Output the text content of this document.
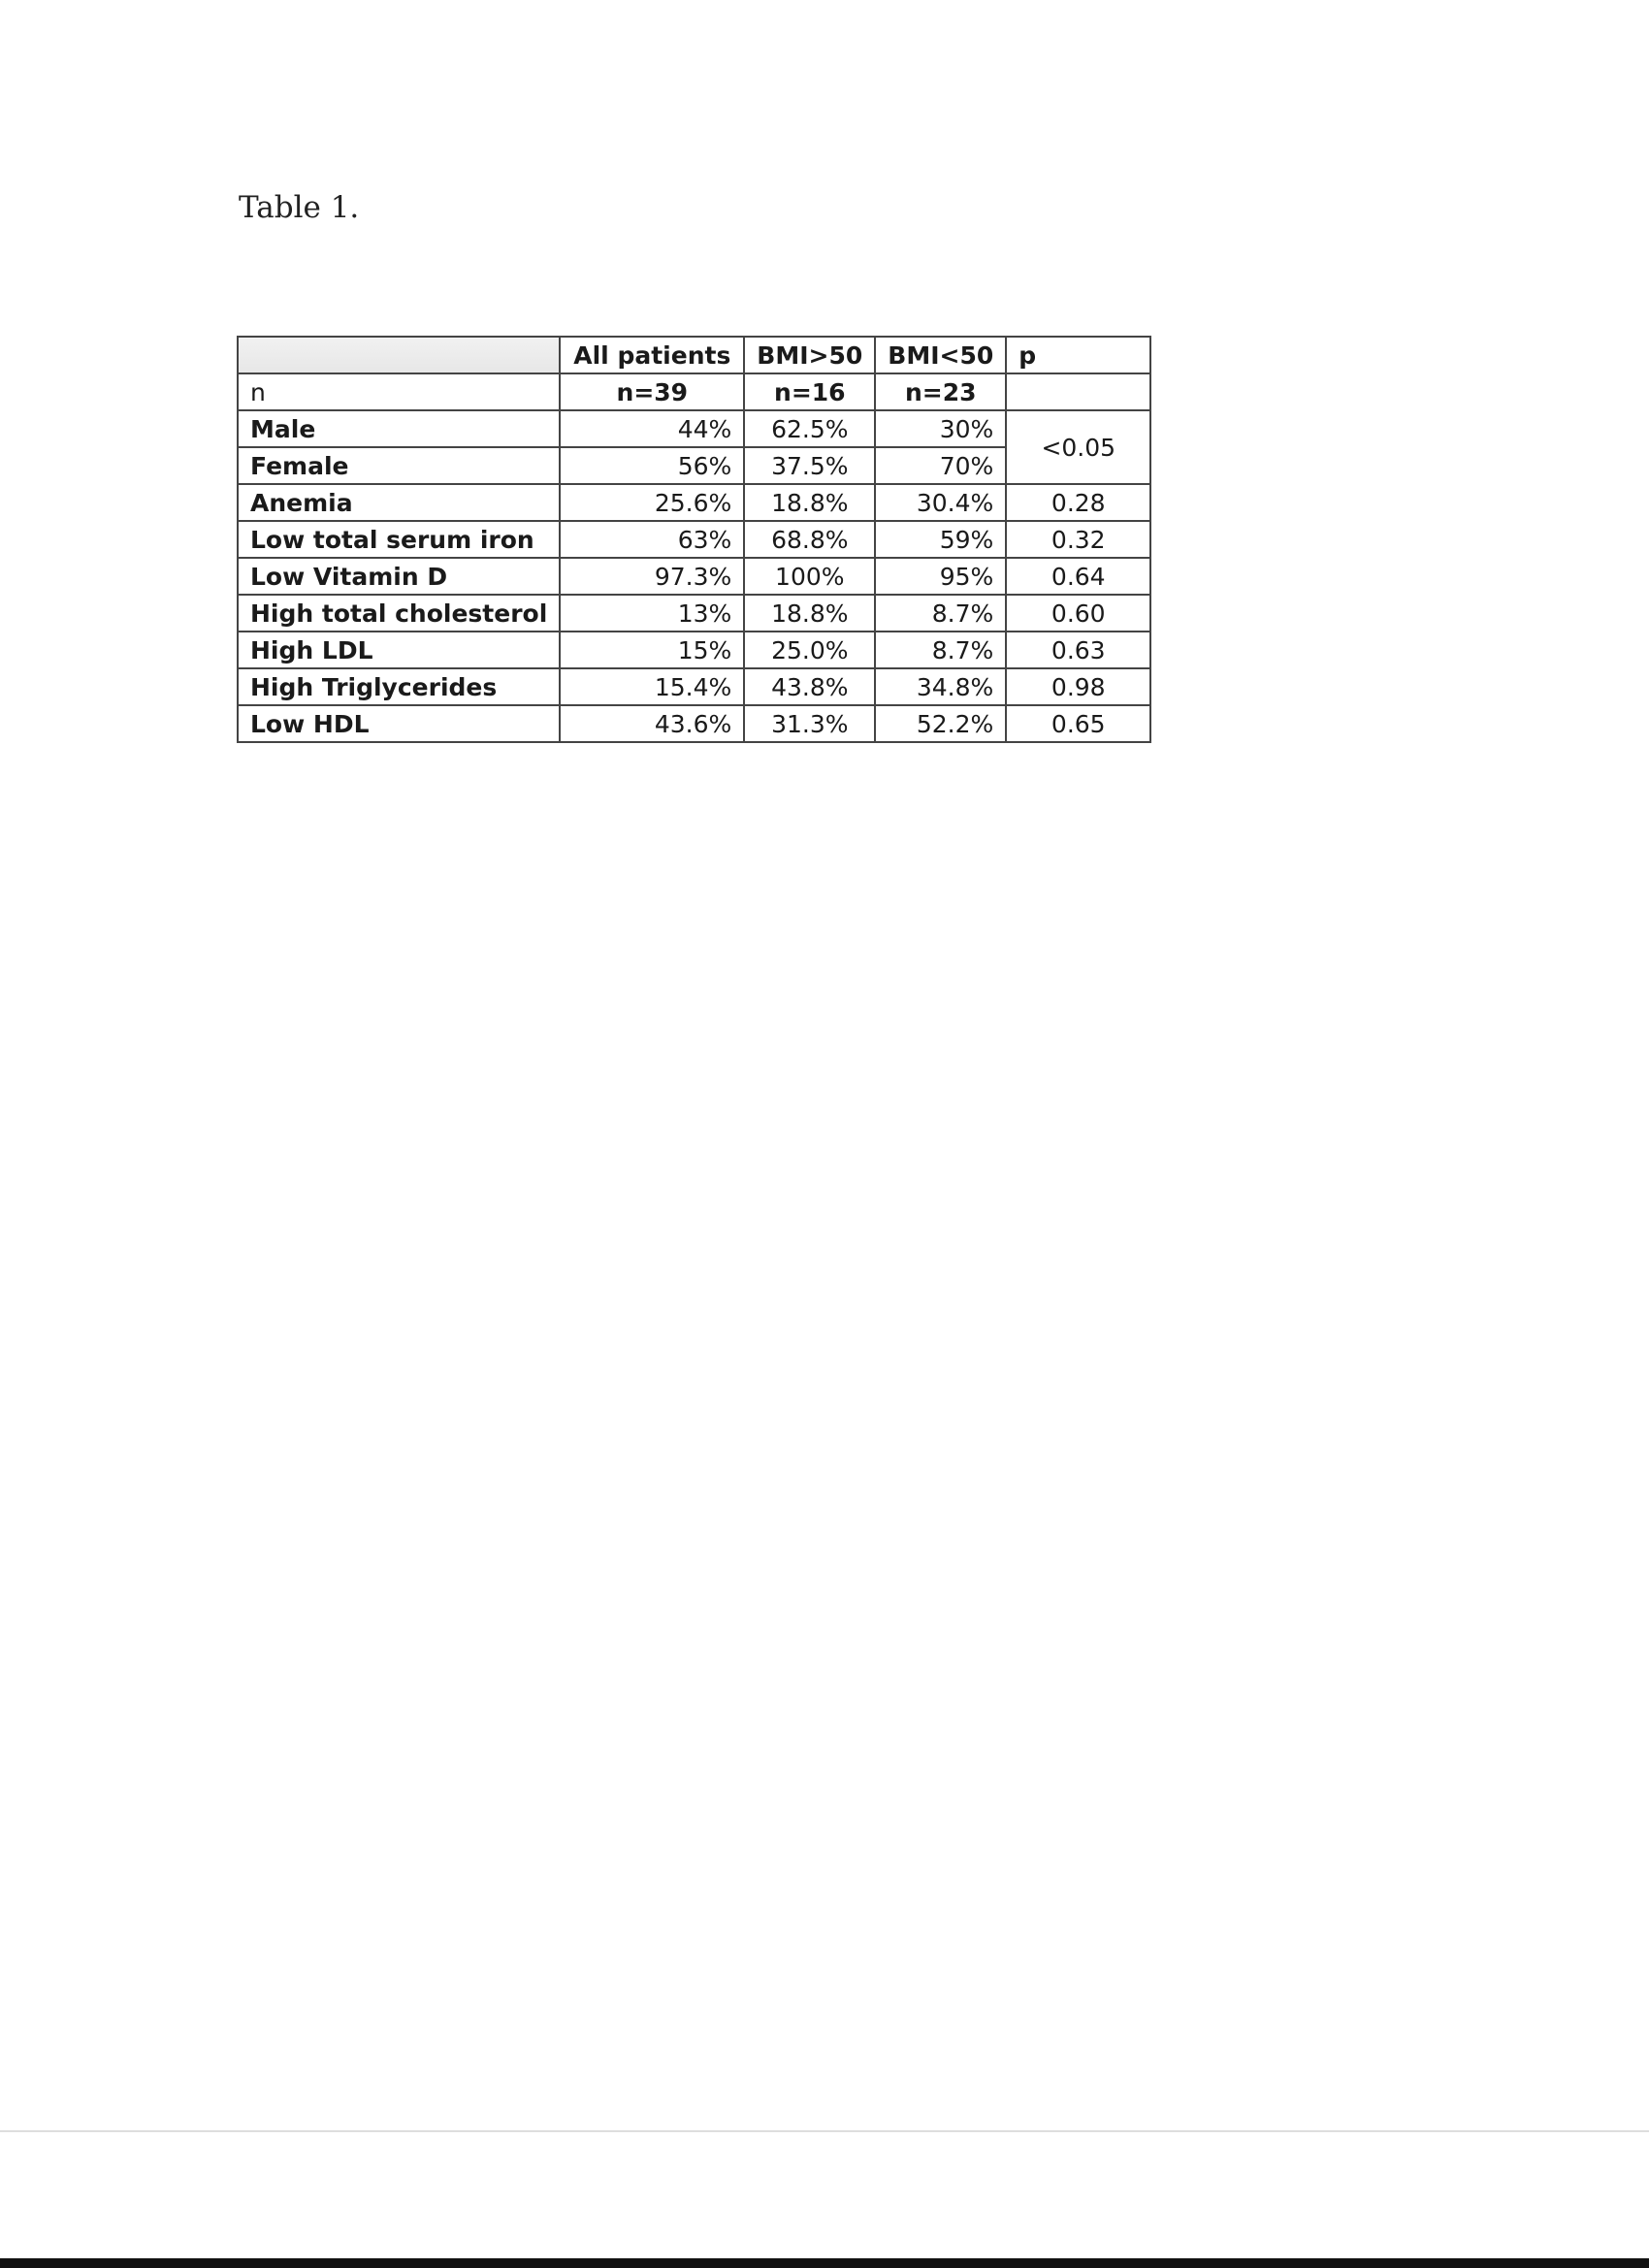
Table 1.
	All patients	BMI>50	BMI<50	p
n	n=39	n=16	n=23	
Male	44%	62.5%	30%	<0.05
Female	56%	37.5%	70%	
Anemia	25.6%	18.8%	30.4%	0.28
Low total serum iron	63%	68.8%	59%	0.32
Low Vitamin D	97.3%	100%	95%	0.64
High total cholesterol	13%	18.8%	8.7%	0.60
High LDL	15%	25.0%	8.7%	0.63
High Triglycerides	15.4%	43.8%	34.8%	0.98
Low HDL	43.6%	31.3%	52.2%	0.65
